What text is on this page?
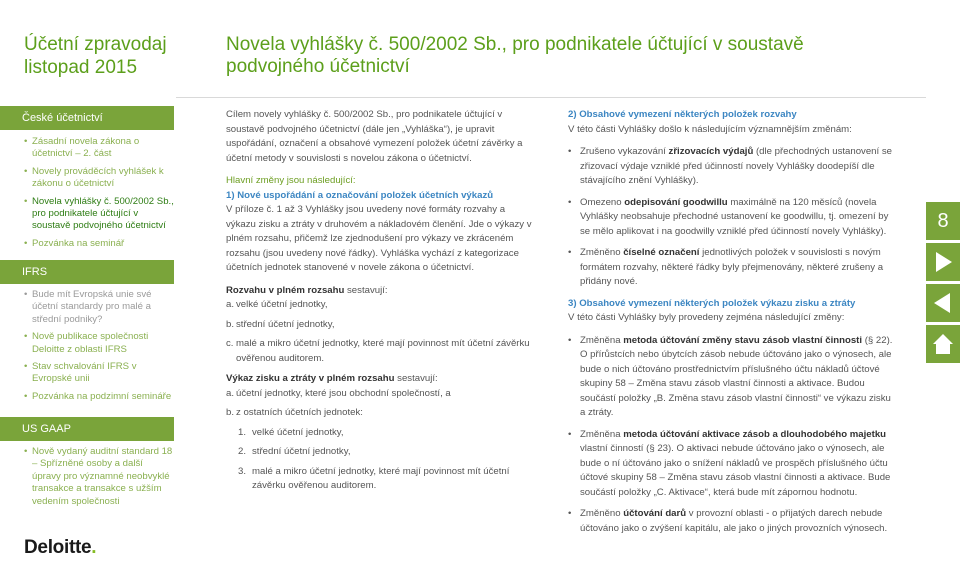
Účetní zpravodaj
listopad 2015
České účetnictví
• Zásadní novela zákona o účetnictví – 2. část
• Novely prováděcích vyhlášek k zákonu o účetnictví
• Novela vyhlášky č. 500/2002 Sb., pro podnikatele účtující v soustavě podvojného účetnictví
• Pozvánka na seminář
IFRS
• Bude mít Evropská unie své účetní standardy pro malé a střední podniky?
• Nově publikace společnosti Deloitte z oblasti IFRS
• Stav schvalování IFRS v Evropské unii
• Pozvánka na podzimní semináře
US GAAP
• Nově vydaný auditní standard 18 – Spřízněné osoby a další úpravy pro významné neobvyklé transakce a transakce s užším vedením společnosti
Deloitte.
Novela vyhlášky č. 500/2002 Sb., pro podnikatele účtující v soustavě
podvojného účetnictví

Cílem novely vyhlášky č. 500/2002 Sb., pro podnikatele účtující v soustavě podvojného účetnictví (dále jen „Vyhláška“), je upravit uspořádání, označení a obsahové vymezení položek účetní závěrky a účetní metody v souvislosti s novelou zákona o účetnictví.

Hlavní změny jsou následující:
1) Nové uspořádání a označování položek účetních výkazů

V příloze č. 1 až 3 Vyhlášky jsou uvedeny nové formáty rozvahy a výkazu zisku a ztráty v druhovém a nákladovém členění. Jde o výkazy v plném rozsahu, přičemž lze zjednodušení pro výkazy ve zkráceném rozsahu (jsou uvedeny nové řádky). Vyhláška vychází z kategorizace účetních jednotek stanovené v novele zákona o účetnictví.

Rozvahu v plném rozsahu sestavují:
a. velké účetní jednotky,
b. střední účetní jednotky,
c. malé a mikro účetní jednotky, které mají povinnost mít účetní závěrku ověřenou auditorem.
Výkaz zisku a ztráty v plném rozsahu sestavují:
a. účetní jednotky, které jsou obchodní společností, a
b. z ostatních účetních jednotek:
1. velké účetní jednotky,
2. střední účetní jednotky,
3. malé a mikro účetní jednotky, které mají povinnost mít účetní závěrku ověřenou auditorem.
2) Obsahové vymezení některých položek rozvahy

V této části Vyhlášky došlo k následujícím významnějším změnám:

• Zrušeno vykazování zřizovacích výdajů (dle přechodných ustanovení se zřizovací výdaje vzniklé před účinností novely Vyhlášky doodepíší dle stávajícího znění Vyhlášky).
• Omezeno odepisování goodwillu maximálně na 120 měsíců (novela Vyhlášky neobsahuje přechodné ustanovení ke goodwillu, tj. omezení by se mělo aplikovat i na goodwilly vzniklé před účinností novely Vyhlášky).
• Změněno číselné označení jednotlivých položek v souvislosti s novým formátem rozvahy, některé řádky byly přejmenovány, některé zrušeny a přidány nové.
3) Obsahové vymezení některých položek výkazu zisku a ztráty

V této části Vyhlášky byly provedeny zejména následující změny:

• Změněna metoda účtování změny stavu zásob vlastní činnosti (§ 22). O přírůstcích nebo úbytcích zásob nebude účtováno jako o výnosech, ale bude o nich účtováno prostřednictvím příslušného účtu nákladů účtové skupiny 58 – Změna stavu zásob vlastní činnosti a aktivace. Budou součástí položky „B. Změna stavu zásob vlastní činnosti“ ve výkazu zisku a ztráty.
• Změněna metoda účtování aktivace zásob a dlouhodobého majetku vlastní činností (§ 23). O aktivaci nebude účtováno jako o výnosech, ale bude o ní účtováno jako o snížení nákladů ve prospěch příslušného účtu účtové skupiny 58 – Změna stavu zásob vlastní činnosti a aktivace. Bude součástí položky „C. Aktivace“, která bude mít zápornou hodnotu.
• Změněno účtování darů v provozní oblasti - o přijatých darech nebude účtováno jako o zvýšení kapitálu, ale jako o jiných provozních výnosech.
8
